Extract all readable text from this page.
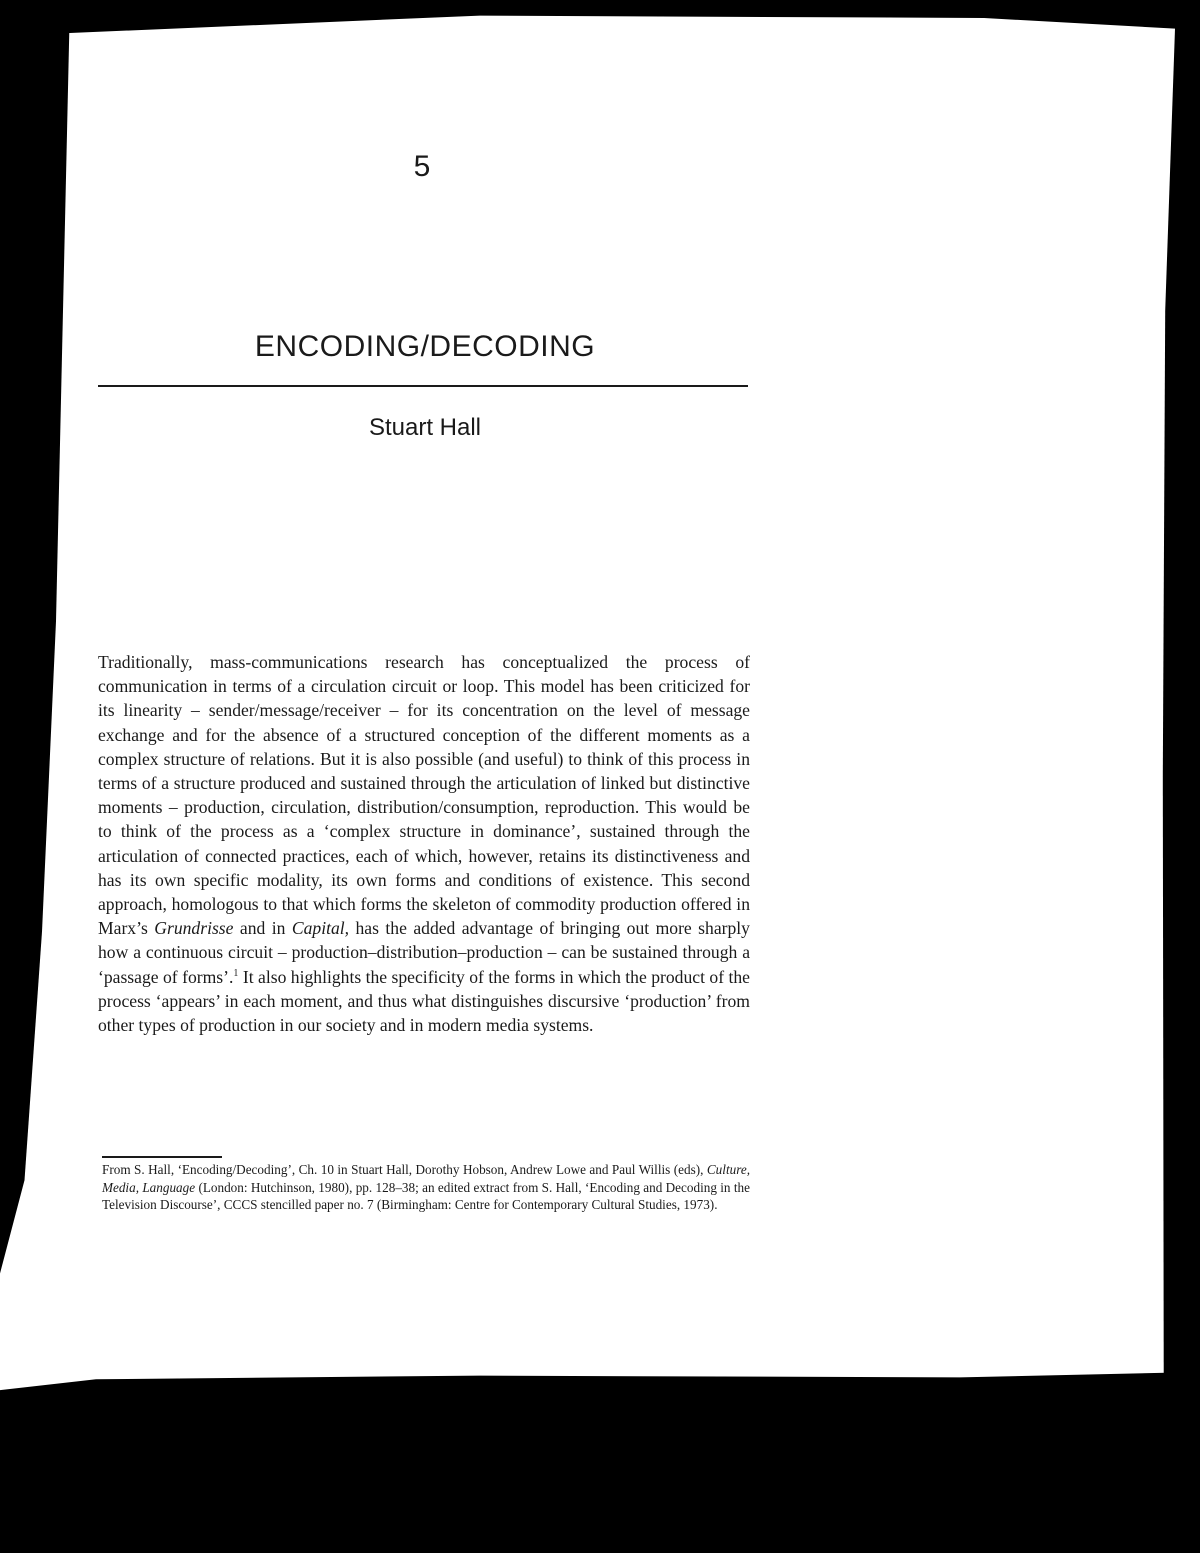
5
ENCODING/DECODING
Stuart Hall

Traditionally, mass-communications research has conceptualized the process of communication in terms of a circulation circuit or loop. This model has been criticized for its linearity – sender/message/receiver – for its concentration on the level of message exchange and for the absence of a structured conception of the different moments as a complex structure of relations. But it is also possible (and useful) to think of this process in terms of a structure produced and sustained through the articulation of linked but distinctive moments – production, circulation, distribution/consumption, reproduction. This would be to think of the process as a ‘complex structure in dominance’, sustained through the articulation of connected practices, each of which, however, retains its distinctiveness and has its own specific modality, its own forms and conditions of existence. This second approach, homologous to that which forms the skeleton of commodity production offered in Marx’s Grundrisse and in Capital, has the added advantage of bringing out more sharply how a continuous circuit – production–distribution–production – can be sustained through a ‘passage of forms’.$^1$ It also highlights the specificity of the forms in which the product of the process ‘appears’ in each moment, and thus what distinguishes discursive ‘production’ from other types of production in our society and in modern media systems.

From S. Hall, ‘Encoding/Decoding’, Ch. 10 in Stuart Hall, Dorothy Hobson, Andrew Lowe and Paul Willis (eds), Culture, Media, Language (London: Hutchinson, 1980), pp. 128–38; an edited extract from S. Hall, ‘Encoding and Decoding in the Television Discourse’, CCCS stencilled paper no. 7 (Birmingham: Centre for Contemporary Cultural Studies, 1973).
